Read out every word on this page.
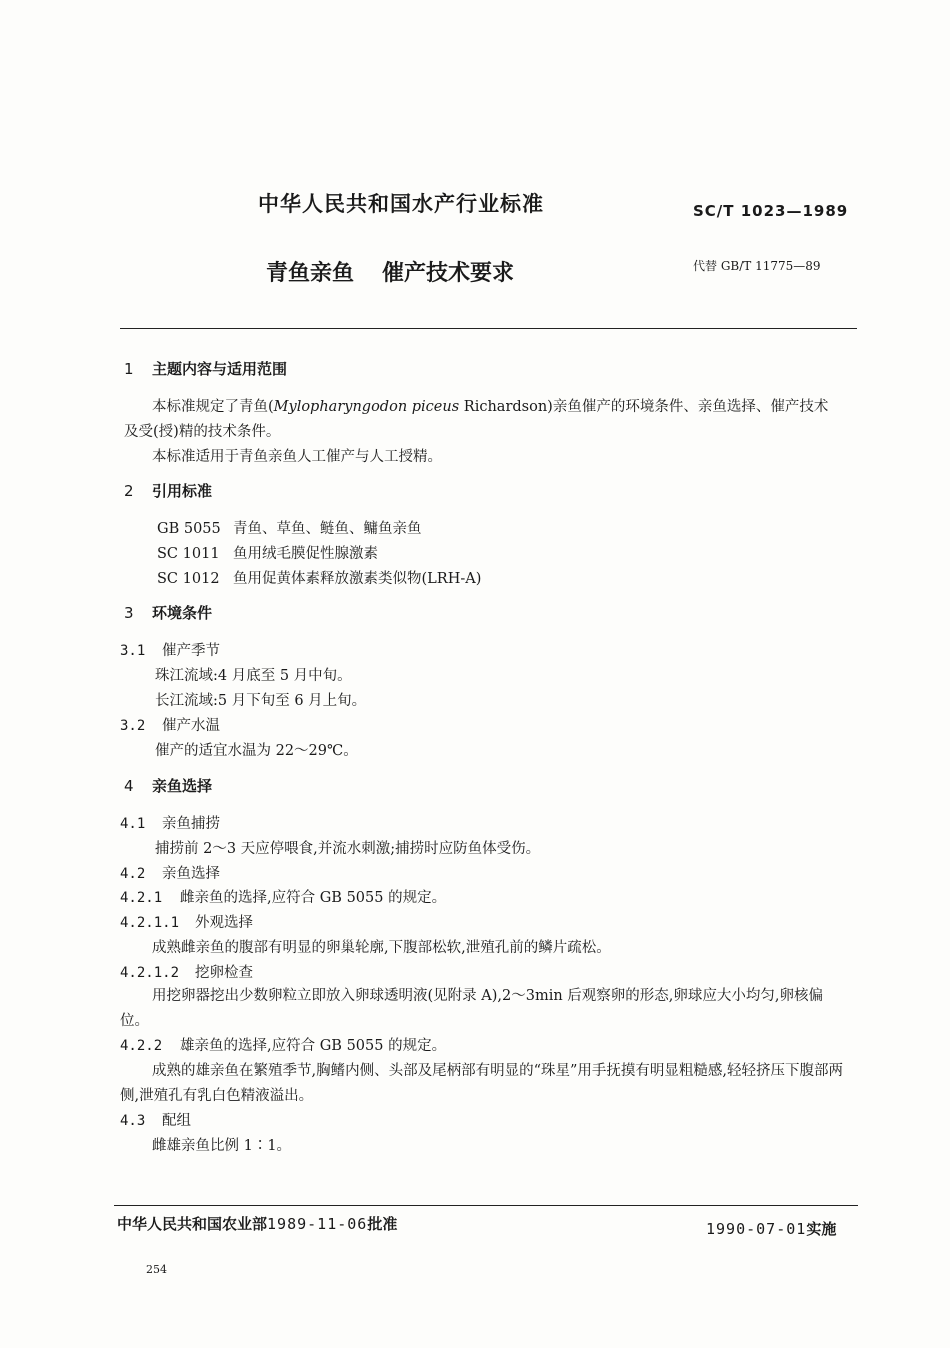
中华人民共和国水产行业标准	SC/T 1023—1989
青鱼亲鱼 催产技术要求	代替 GB/T 11775—89
1 主题内容与适用范围
本标准规定了青鱼(Mylopharyngodon piceus Richardson)亲鱼催产的环境条件、亲鱼选择、催产技术及受(授)精的技术条件。
本标准适用于青鱼亲鱼人工催产与人工授精。
2 引用标准
GB 5055 青鱼、草鱼、鲢鱼、鳙鱼亲鱼
SC 1011 鱼用绒毛膜促性腺激素
SC 1012 鱼用促黄体素释放激素类似物(LRH-A)
3 环境条件
3.1 催产季节
珠江流域:4 月底至 5 月中旬。
长江流域:5 月下旬至 6 月上旬。
3.2 催产水温
催产的适宜水温为 22～29℃。
4 亲鱼选择
4.1 亲鱼捕捞
捕捞前 2～3 天应停喂食,并流水刺激;捕捞时应防鱼体受伤。
4.2 亲鱼选择
4.2.1 雌亲鱼的选择,应符合 GB 5055 的规定。
4.2.1.1 外观选择
成熟雌亲鱼的腹部有明显的卵巢轮廓,下腹部松软,泄殖孔前的鳞片疏松。
4.2.1.2 挖卵检查
用挖卵器挖出少数卵粒立即放入卵球透明液(见附录 A),2～3min 后观察卵的形态,卵球应大小均匀,卵核偏位。
4.2.2 雄亲鱼的选择,应符合 GB 5055 的规定。
成熟的雄亲鱼在繁殖季节,胸鳍内侧、头部及尾柄部有明显的“珠星”用手抚摸有明显粗糙感,轻轻挤压下腹部两侧,泄殖孔有乳白色精液溢出。
4.3 配组
雌雄亲鱼比例 1∶1。
中华人民共和国农业部1989-11-06批准	1990-07-01实施
254
